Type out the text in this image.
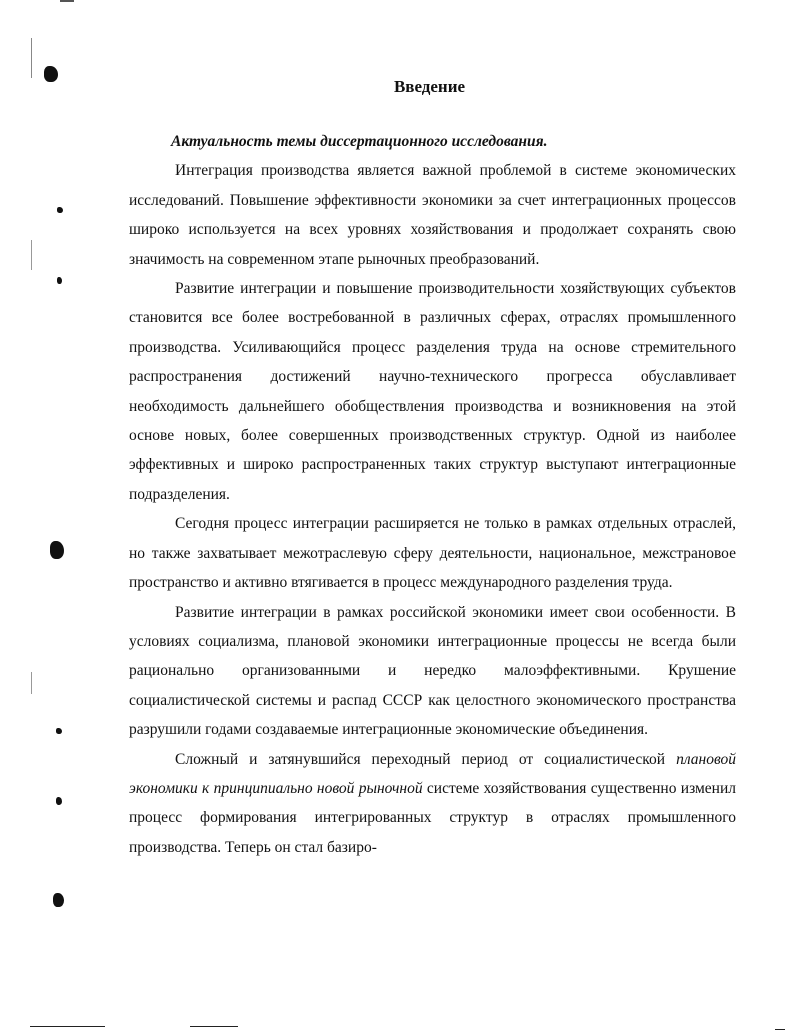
Введение

Актуальность темы диссертационного исследования.

Интеграция производства является важной проблемой в системе экономических исследований. Повышение эффективности экономики за счет интеграционных процессов широко используется на всех уровнях хозяйствования и продолжает сохранять свою значимость на современном этапе рыночных преобразований.

Развитие интеграции и повышение производительности хозяйствующих субъектов становится все более востребованной в различных сферах, отраслях промышленного производства. Усиливающийся процесс разделения труда на основе стремительного распространения достижений научно-технического прогресса обуславливает необходимость дальнейшего обобществления производства и возникновения на этой основе новых, более совершенных производственных структур. Одной из наиболее эффективных и широко распространенных таких структур выступают интеграционные подразделения.

Сегодня процесс интеграции расширяется не только в рамках отдельных отраслей, но также захватывает межотраслевую сферу деятельности, национальное, межстрановое пространство и активно втягивается в процесс международного разделения труда.

Развитие интеграции в рамках российской экономики имеет свои особенности. В условиях социализма, плановой экономики интеграционные процессы не всегда были рационально организованными и нередко малоэффективными. Крушение социалистической системы и распад СССР как целостного экономического пространства разрушили годами создаваемые интеграционные экономические объединения.

Сложный и затянувшийся переходный период от социалистической плановой экономики к принципиально новой рыночной системе хозяйствования существенно изменил процесс формирования интегрированных структур в отраслях промышленного производства. Теперь он стал базиро-
